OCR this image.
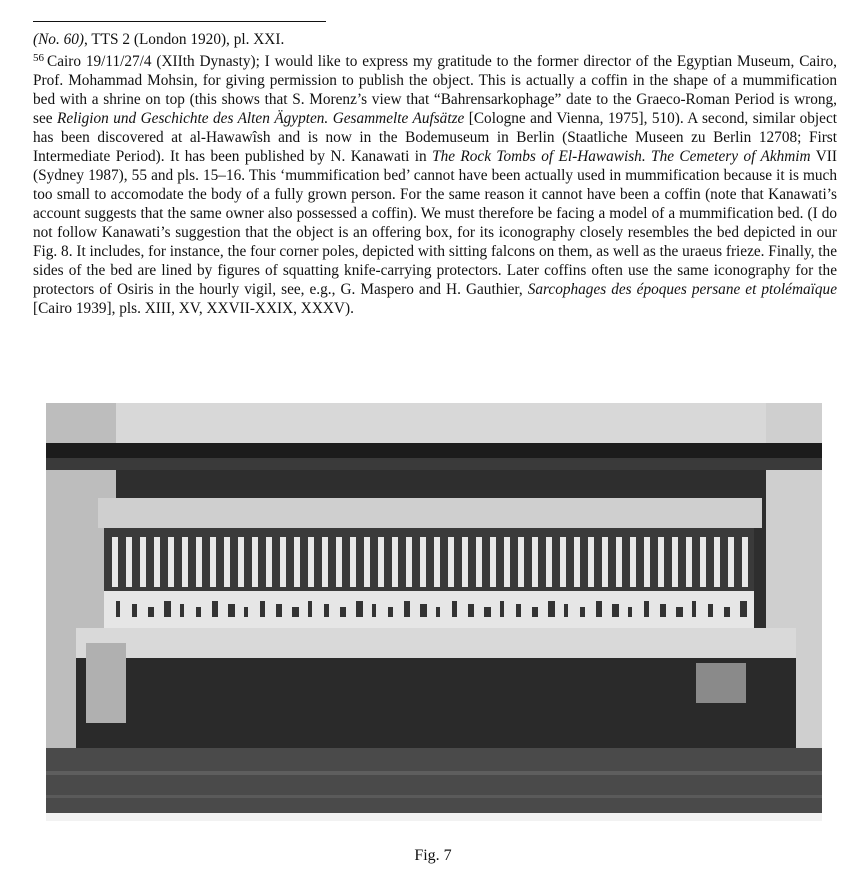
(No. 60), TTS 2 (London 1920), pl. XXI.
$^{56}$ Cairo 19/11/27/4 (XIIth Dynasty); I would like to express my gratitude to the former director of the Egyptian Museum, Cairo, Prof. Mohammad Mohsin, for giving permission to publish the object. This is actually a coffin in the shape of a mummification bed with a shrine on top (this shows that S. Morenz’s view that “Bahrensarkophage” date to the Graeco-Roman Period is wrong, see Religion und Geschichte des Alten Ägypten. Gesammelte Aufsätze [Cologne and Vienna, 1975], 510). A second, similar object has been discovered at al-Hawawîsh and is now in the Bodemuseum in Berlin (Staatliche Museen zu Berlin 12708; First Intermediate Period). It has been published by N. Kanawati in The Rock Tombs of El-Hawawish. The Cemetery of Akhmim VII (Sydney 1987), 55 and pls. 15–16. This ‘mummification bed’ cannot have been actually used in mummification because it is much too small to accomodate the body of a fully grown person. For the same reason it cannot have been a coffin (note that Kanawati’s account suggests that the same owner also possessed a coffin). We must therefore be facing a model of a mummification bed. (I do not follow Kanawati’s suggestion that the object is an offering box, for its iconography closely resembles the bed depicted in our Fig. 8. It includes, for instance, the four corner poles, depicted with sitting falcons on them, as well as the uraeus frieze. Finally, the sides of the bed are lined by figures of squatting knife-carrying protectors. Later coffins often use the same iconography for the protectors of Osiris in the hourly vigil, see, e.g., G. Maspero and H. Gauthier, Sarcophages des époques persane et ptolémaïque [Cairo 1939], pls. XIII, XV, XXVII-XXIX, XXXV).
Fig. 7
